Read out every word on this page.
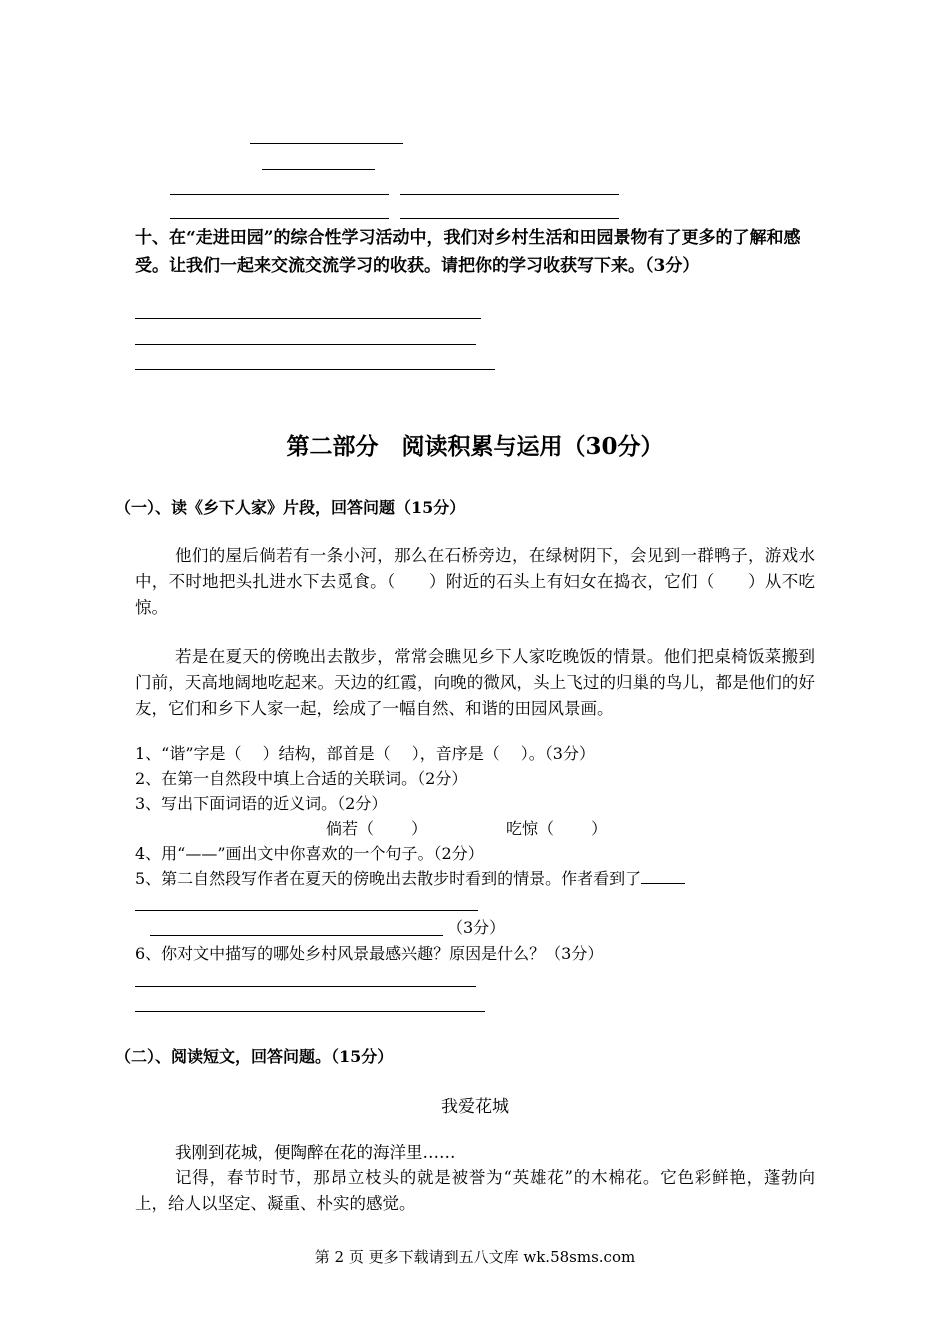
十、在“走进田园”的综合性学习活动中，我们对乡村生活和田园景物有了更多的了解和感受。让我们一起来交流交流学习的收获。请把你的学习收获写下来。（3分）
第二部分　阅读积累与运用（30分）
（一）、读《乡下人家》片段，回答问题（15分）

他们的屋后倘若有一条小河，那么在石桥旁边，在绿树阴下，会见到一群鸭子，游戏水中，不时地把头扎进水下去觅食。（　　）附近的石头上有妇女在捣衣，它们（　　）从不吃惊。

若是在夏天的傍晚出去散步，常常会瞧见乡下人家吃晚饭的情景。他们把桌椅饭菜搬到门前，天高地阔地吃起来。天边的红霞，向晚的微风，头上飞过的归巢的鸟儿，都是他们的好友，它们和乡下人家一起，绘成了一幅自然、和谐的田园风景画。

1、“谐”字是（　 ）结构，部首是（　 ），音序是（　 ）。（3分）
2、在第一自然段中填上合适的关联词。（2分）
3、写出下面词语的近义词。（2分）
倘若（　　 ）	吃惊（　　 ）
4、用“——”画出文中你喜欢的一个句子。（2分）
5、第二自然段写作者在夏天的傍晚出去散步时看到的情景。作者看到了
（3分）
6、你对文中描写的哪处乡村风景最感兴趣？原因是什么？（3分）
（二）、阅读短文，回答问题。（15分）
我爱花城

我刚到花城，便陶醉在花的海洋里……

记得，春节时节，那昂立枝头的就是被誉为“英雄花”的木棉花。它色彩鲜艳，蓬勃向上，给人以坚定、凝重、朴实的感觉。

第 2 页 更多下载请到五八文库 wk.58sms.com
